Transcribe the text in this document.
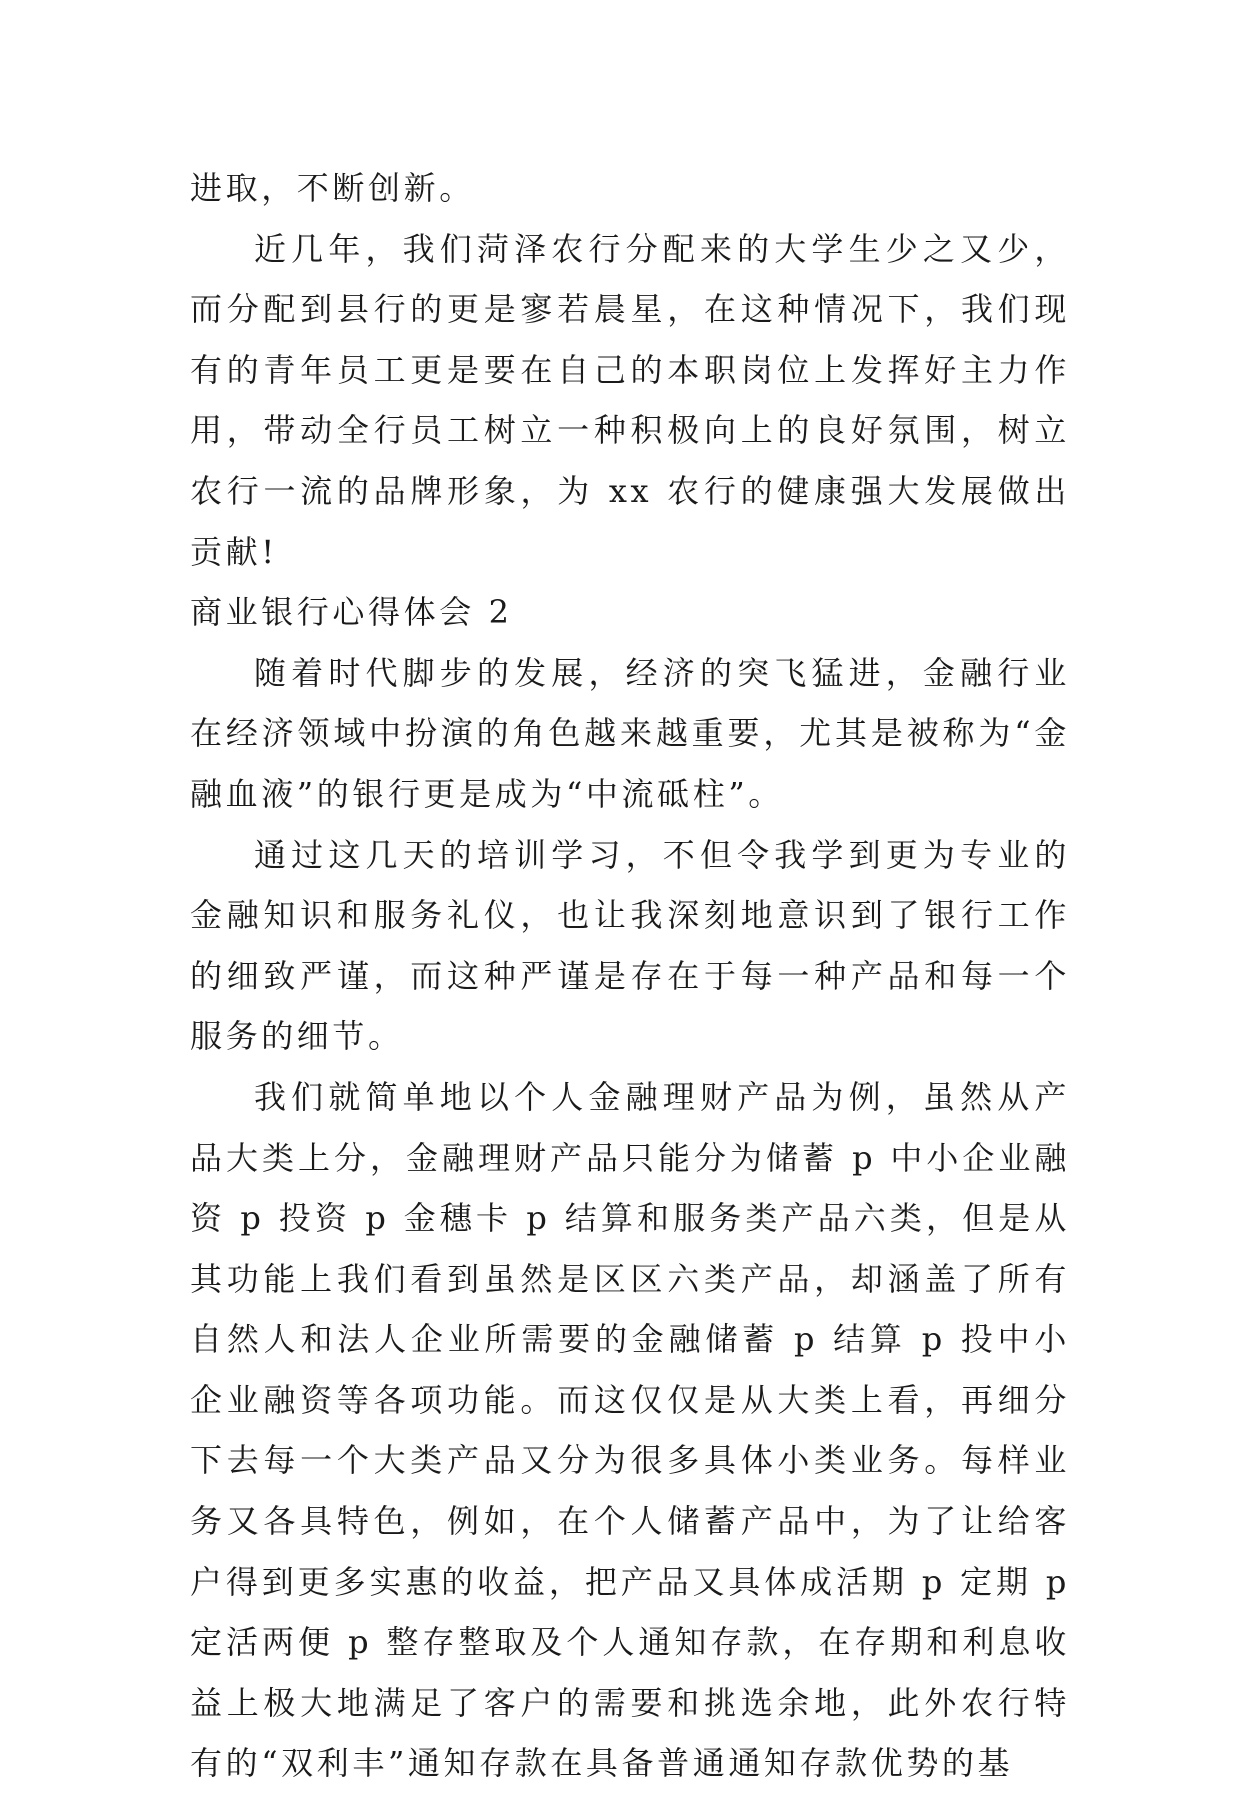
进取，不断创新。

近几年，我们菏泽农行分配来的大学生少之又少，而分配到县行的更是寥若晨星，在这种情况下，我们现有的青年员工更是要在自己的本职岗位上发挥好主力作用，带动全行员工树立一种积极向上的良好氛围，树立农行一流的品牌形象，为 xx 农行的健康强大发展做出贡献!

商业银行心得体会 2

随着时代脚步的发展，经济的突飞猛进，金融行业在经济领域中扮演的角色越来越重要，尤其是被称为“金融血液”的银行更是成为“中流砥柱”。

通过这几天的培训学习，不但令我学到更为专业的金融知识和服务礼仪，也让我深刻地意识到了银行工作的细致严谨，而这种严谨是存在于每一种产品和每一个服务的细节。

我们就简单地以个人金融理财产品为例，虽然从产品大类上分，金融理财产品只能分为储蓄 p 中小企业融资 p 投资 p 金穗卡 p 结算和服务类产品六类，但是从其功能上我们看到虽然是区区六类产品，却涵盖了所有自然人和法人企业所需要的金融储蓄 p 结算 p 投中小企业融资等各项功能。而这仅仅是从大类上看，再细分下去每一个大类产品又分为很多具体小类业务。每样业务又各具特色，例如，在个人储蓄产品中，为了让给客户得到更多实惠的收益，把产品又具体成活期 p 定期 p 定活两便 p 整存整取及个人通知存款，在存期和利息收益上极大地满足了客户的需要和挑选余地，此外农行特有的“双利丰”通知存款在具备普通通知存款优势的基
